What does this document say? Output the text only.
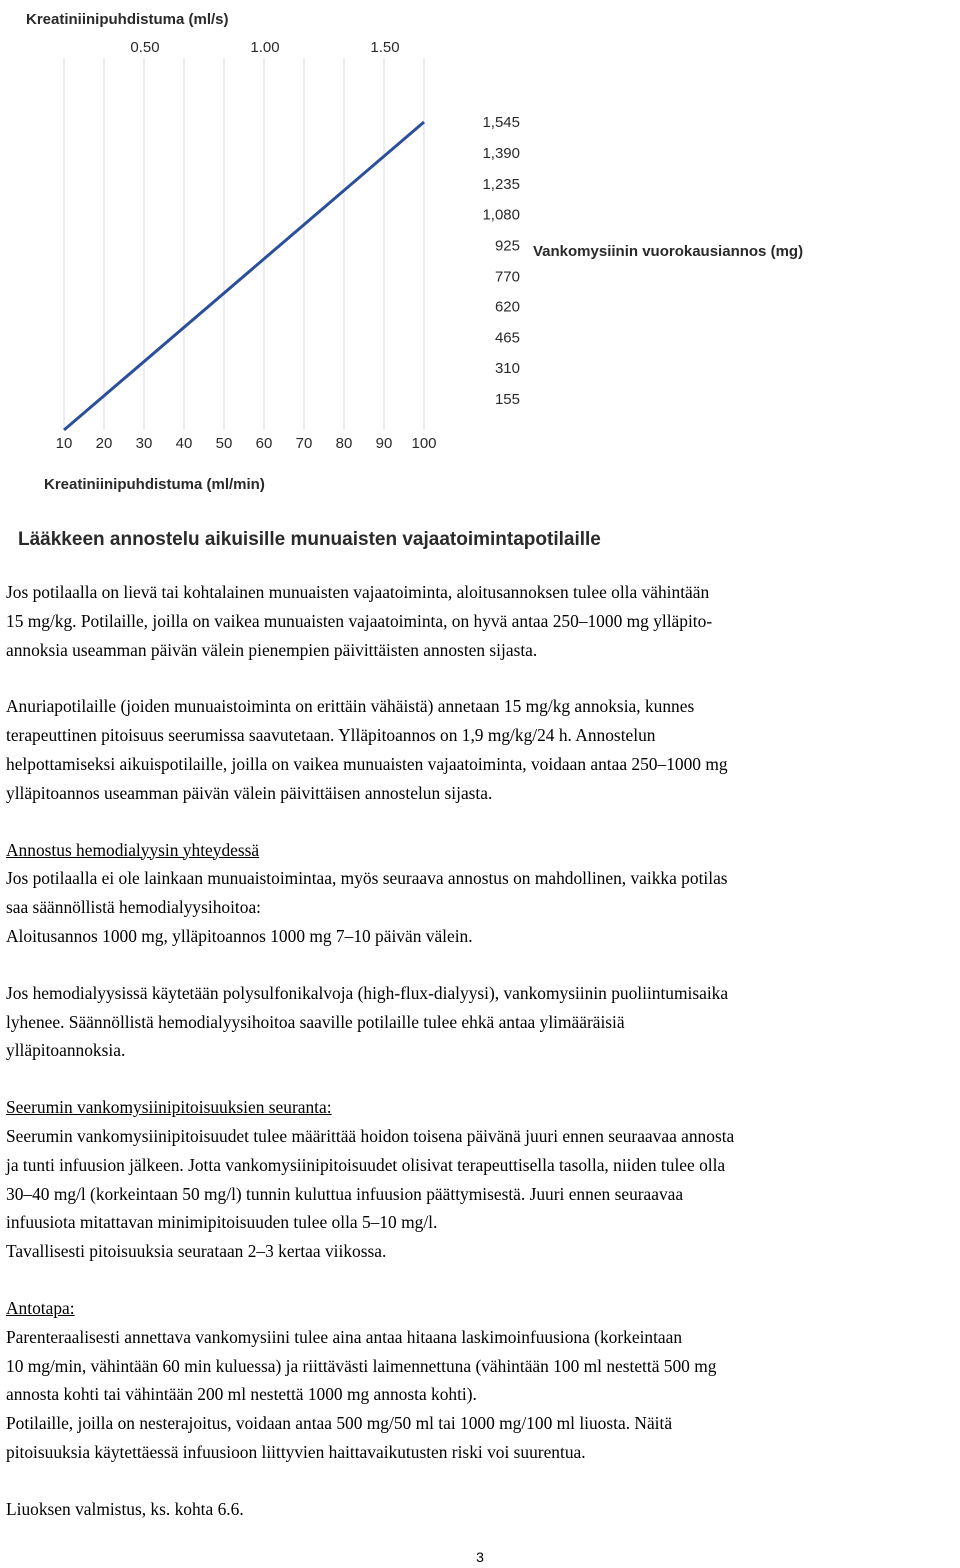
Kreatiniinipuhdistuma (ml/s)
0.50	1.00	1.50
10 20 30 40 50 60 70 80 90 100
Kreatiniinipuhdistuma (ml/min)
155
310
465
620
770
925
1,080
1,235
1,390
1,545
Vankomysiinin vuorokausiannos (mg)
Lääkkeen annostelu aikuisille munuaisten vajaatoimintapotilaille

Jos potilaalla on lievä tai kohtalainen munuaisten vajaatoiminta, aloitusannoksen tulee olla vähintään
15 mg/kg. Potilaille, joilla on vaikea munuaisten vajaatoiminta, on hyvä antaa 250–1000 mg ylläpito-
annoksia useamman päivän välein pienempien päivittäisten annosten sijasta.

Anuriapotilaille (joiden munuaistoiminta on erittäin vähäistä) annetaan 15 mg/kg annoksia, kunnes
terapeuttinen pitoisuus seerumissa saavutetaan. Ylläpitoannos on 1,9 mg/kg/24 h. Annostelun
helpottamiseksi aikuispotilaille, joilla on vaikea munuaisten vajaatoiminta, voidaan antaa 250–1000 mg
ylläpitoannos useamman päivän välein päivittäisen annostelun sijasta.

Annostus hemodialyysin yhteydessä
Jos potilaalla ei ole lainkaan munuaistoimintaa, myös seuraava annostus on mahdollinen, vaikka potilas
saa säännöllistä hemodialyysihoitoa:
Aloitusannos 1000 mg, ylläpitoannos 1000 mg 7–10 päivän välein.

Jos hemodialyysissä käytetään polysulfonikalvoja (high-flux-dialyysi), vankomysiinin puoliintumisaika
lyhenee. Säännöllistä hemodialyysihoitoa saaville potilaille tulee ehkä antaa ylimääräisiä
ylläpitoannoksia.

Seerumin vankomysiinipitoisuuksien seuranta:
Seerumin vankomysiinipitoisuudet tulee määrittää hoidon toisena päivänä juuri ennen seuraavaa annosta
ja tunti infuusion jälkeen. Jotta vankomysiinipitoisuudet olisivat terapeuttisella tasolla, niiden tulee olla
30–40 mg/l (korkeintaan 50 mg/l) tunnin kuluttua infuusion päättymisestä. Juuri ennen seuraavaa
infuusiota mitattavan minimipitoisuuden tulee olla 5–10 mg/l.
Tavallisesti pitoisuuksia seurataan 2–3 kertaa viikossa.

Antotapa:
Parenteraalisesti annettava vankomysiini tulee aina antaa hitaana laskimoinfuusiona (korkeintaan
10 mg/min, vähintään 60 min kuluessa) ja riittävästi laimennettuna (vähintään 100 ml nestettä 500 mg
annosta kohti tai vähintään 200 ml nestettä 1000 mg annosta kohti).
Potilaille, joilla on nesterajoitus, voidaan antaa 500 mg/50 ml tai 1000 mg/100 ml liuosta. Näitä
pitoisuuksia käytettäessä infuusioon liittyvien haittavaikutusten riski voi suurentua.

Liuoksen valmistus, ks. kohta 6.6.

3
